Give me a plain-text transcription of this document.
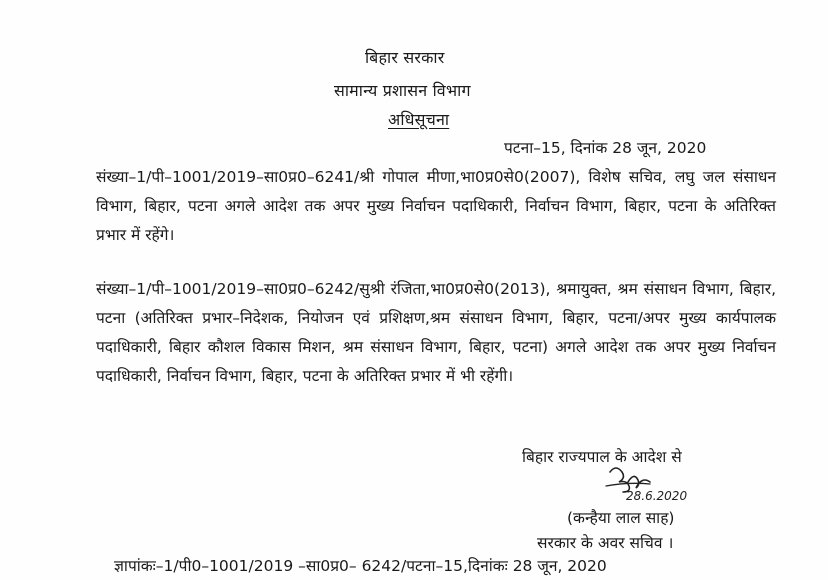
बिहार सरकार
सामान्य प्रशासन विभाग
अधिसूचना
पटना–15, दिनांक 28 जून, 2020
संख्या–1/पी–1001/2019–सा0प्र0–6241/श्री गोपाल मीणा,भा0प्र0से0(2007), विशेष सचिव, लघु जल संसाधन विभाग, बिहार, पटना अगले आदेश तक अपर मुख्य निर्वाचन पदाधिकारी, निर्वाचन विभाग, बिहार, पटना के अतिरिक्त प्रभार में रहेंगे।
संख्या–1/पी–1001/2019–सा0प्र0–6242/सुश्री रंजिता,भा0प्र0से0(2013), श्रमायुक्त, श्रम संसाधन विभाग, बिहार, पटना (अतिरिक्त प्रभार–निदेशक, नियोजन एवं प्रशिक्षण,श्रम संसाधन विभाग, बिहार, पटना/अपर मुख्य कार्यपालक पदाधिकारी, बिहार कौशल विकास मिशन, श्रम संसाधन विभाग, बिहार, पटना) अगले आदेश तक अपर मुख्य निर्वाचन पदाधिकारी, निर्वाचन विभाग, बिहार, पटना के अतिरिक्त प्रभार में भी रहेंगी।
बिहार राज्यपाल के आदेश से
28.6.2020
(कन्हैया लाल साह)
सरकार के अवर सचिव ।
ज्ञापांकः–1/पी0–1001/2019 –सा0प्र0– 6242/पटना–15,दिनांकः 28 जून, 2020
